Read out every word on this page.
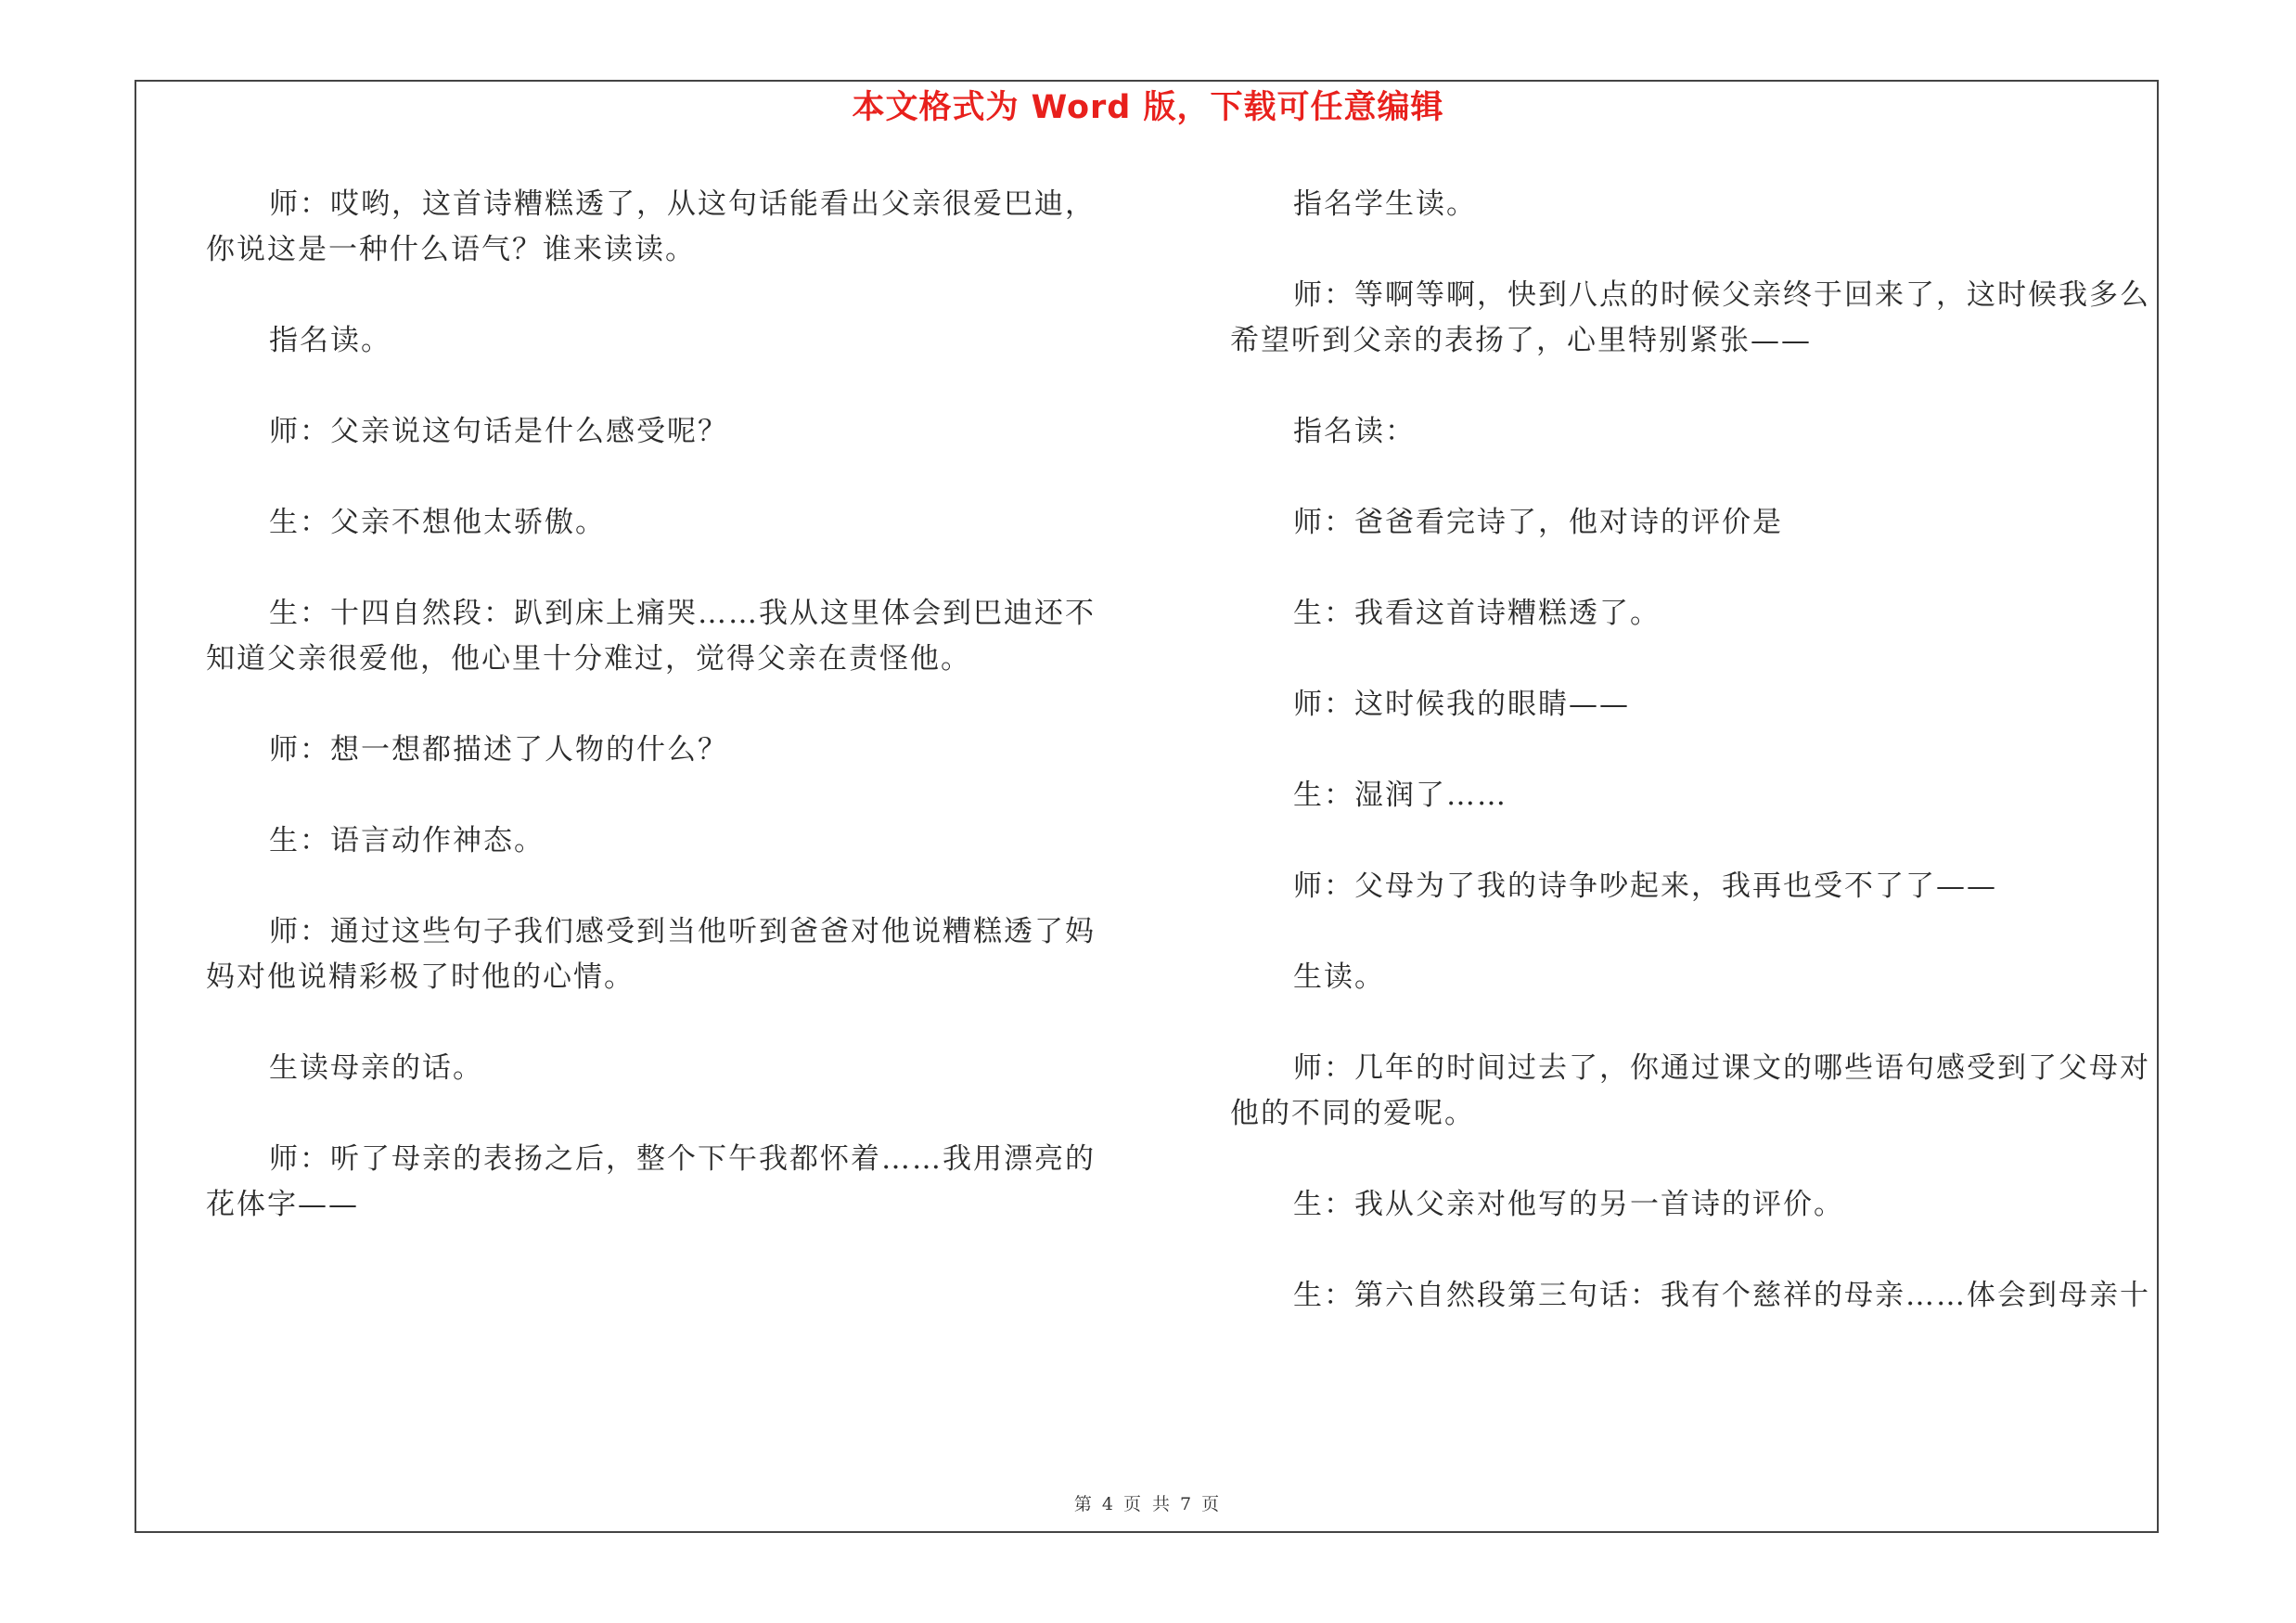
本文格式为 Word 版，下载可任意编辑

师：哎哟，这首诗糟糕透了，从这句话能看出父亲很爱巴迪，你说这是一种什么语气？谁来读读。

指名读。

师：父亲说这句话是什么感受呢？

生：父亲不想他太骄傲。

生：十四自然段：趴到床上痛哭……我从这里体会到巴迪还不知道父亲很爱他，他心里十分难过，觉得父亲在责怪他。

师：想一想都描述了人物的什么？

生：语言动作神态。

师：通过这些句子我们感受到当他听到爸爸对他说糟糕透了妈妈对他说精彩极了时他的心情。

生读母亲的话。

师：听了母亲的表扬之后，整个下午我都怀着……我用漂亮的花体字——

指名学生读。

师：等啊等啊，快到八点的时候父亲终于回来了，这时候我多么希望听到父亲的表扬了，心里特别紧张——

指名读：

师：爸爸看完诗了，他对诗的评价是

生：我看这首诗糟糕透了。

师：这时候我的眼睛——

生：湿润了……

师：父母为了我的诗争吵起来，我再也受不了了——

生读。

师：几年的时间过去了，你通过课文的哪些语句感受到了父母对他的不同的爱呢。

生：我从父亲对他写的另一首诗的评价。

生：第六自然段第三句话：我有个慈祥的母亲……体会到母亲十

第 4 页 共 7 页
